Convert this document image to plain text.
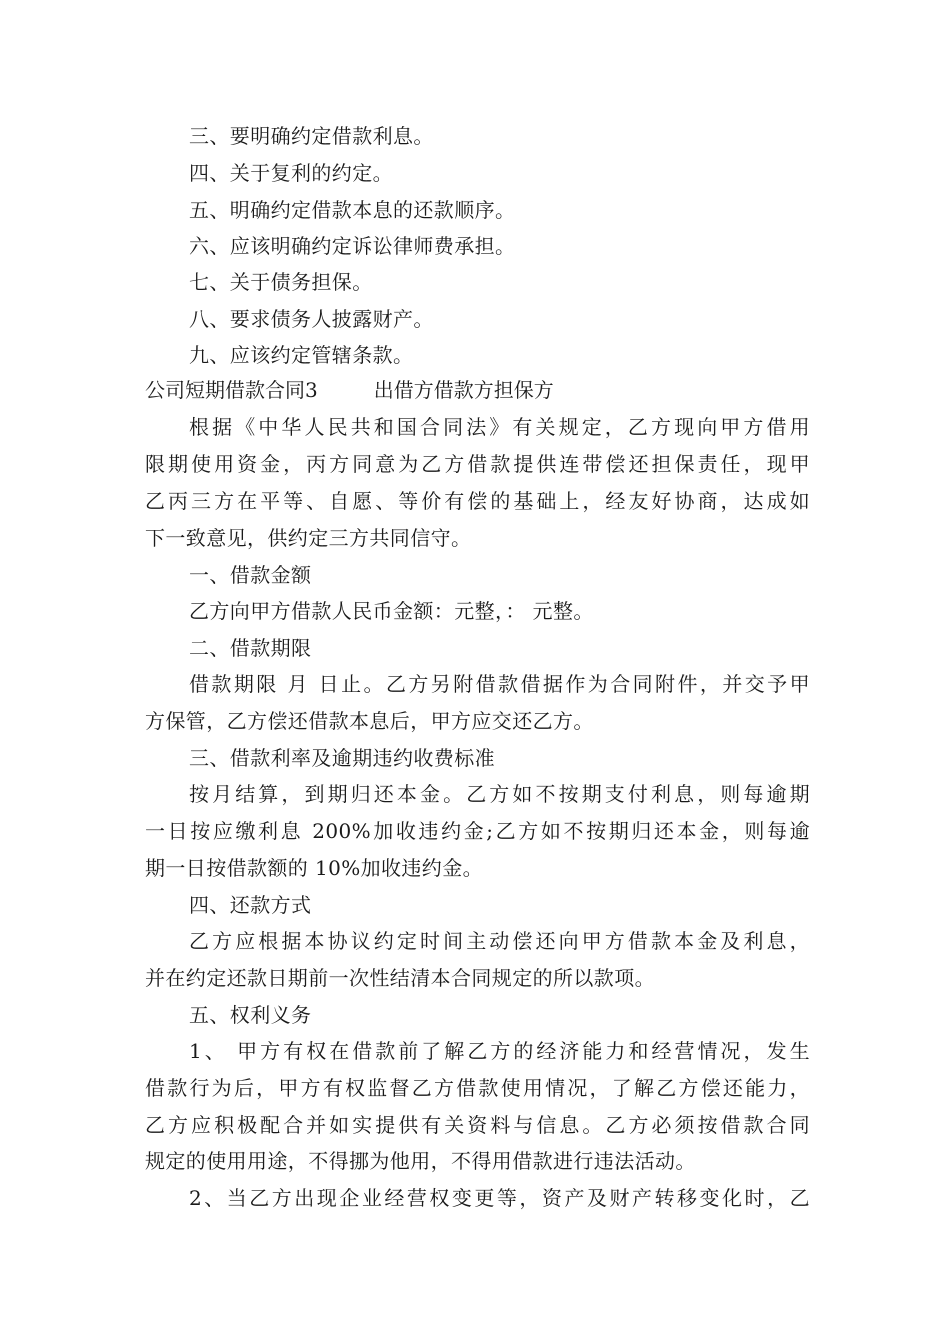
三、要明确约定借款利息。
四、关于复利的约定。
五、明确约定借款本息的还款顺序。
六、应该明确约定诉讼律师费承担。
七、关于债务担保。
八、要求债务人披露财产。
九、应该约定管辖条款。
公司短期借款合同3	出借方借款方担保方
根据《中华人民共和国合同法》有关规定，乙方现向甲方借用
限期使用资金，丙方同意为乙方借款提供连带偿还担保责任，现甲
乙丙三方在平等、自愿、等价有偿的基础上，经友好协商，达成如
下一致意见，供约定三方共同信守。
一、借款金额
乙方向甲方借款人民币金额：元整，： 元整。
二、借款期限
借款期限 月 日止。乙方另附借款借据作为合同附件，并交予甲
方保管，乙方偿还借款本息后，甲方应交还乙方。
三、借款利率及逾期违约收费标准
按月结算，到期归还本金。乙方如不按期支付利息，则每逾期
一日按应缴利息 200%加收违约金;乙方如不按期归还本金，则每逾
期一日按借款额的 10%加收违约金。
四、还款方式
乙方应根据本协议约定时间主动偿还向甲方借款本金及利息，
并在约定还款日期前一次性结清本合同规定的所以款项。
五、权利义务
1、 甲方有权在借款前了解乙方的经济能力和经营情况，发生
借款行为后，甲方有权监督乙方借款使用情况，了解乙方偿还能力，
乙方应积极配合并如实提供有关资料与信息。乙方必须按借款合同
规定的使用用途，不得挪为他用，不得用借款进行违法活动。
2、当乙方出现企业经营权变更等，资产及财产转移变化时，乙
